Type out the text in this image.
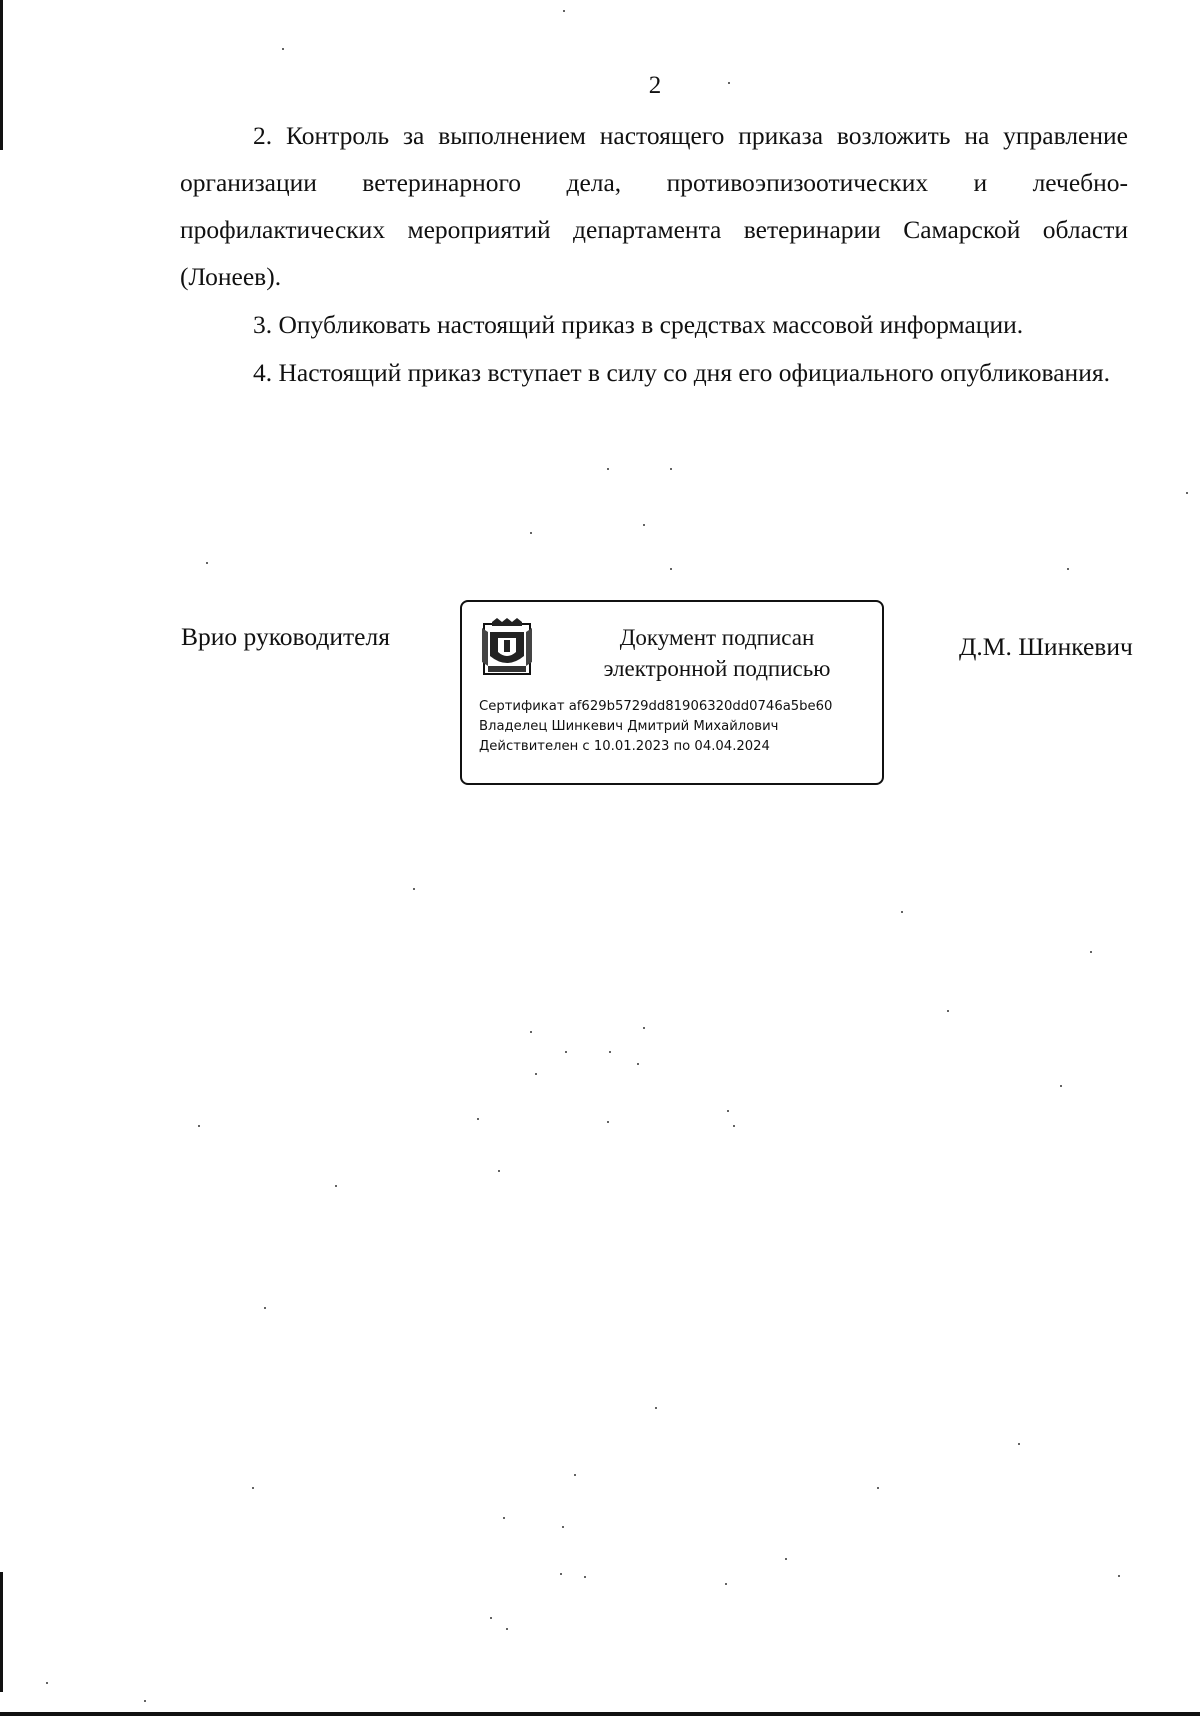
2

2. Контроль за выполнением настоящего приказа возложить на управление организации ветеринарного дела, противоэпизоотических и лечебно-профилактических мероприятий департамента ветеринарии Самарской области (Лонеев).

3. Опубликовать настоящий приказ в средствах массовой информации.

4. Настоящий приказ вступает в силу со дня его официального опубликования.

Врио руководителя	Документ подписан
электронной подписью
Сертификат af629b5729dd81906320dd0746a5be60
Владелец Шинкевич Дмитрий Михайлович
Действителен с 10.01.2023 по 04.04.2024
Д.М. Шинкевич
